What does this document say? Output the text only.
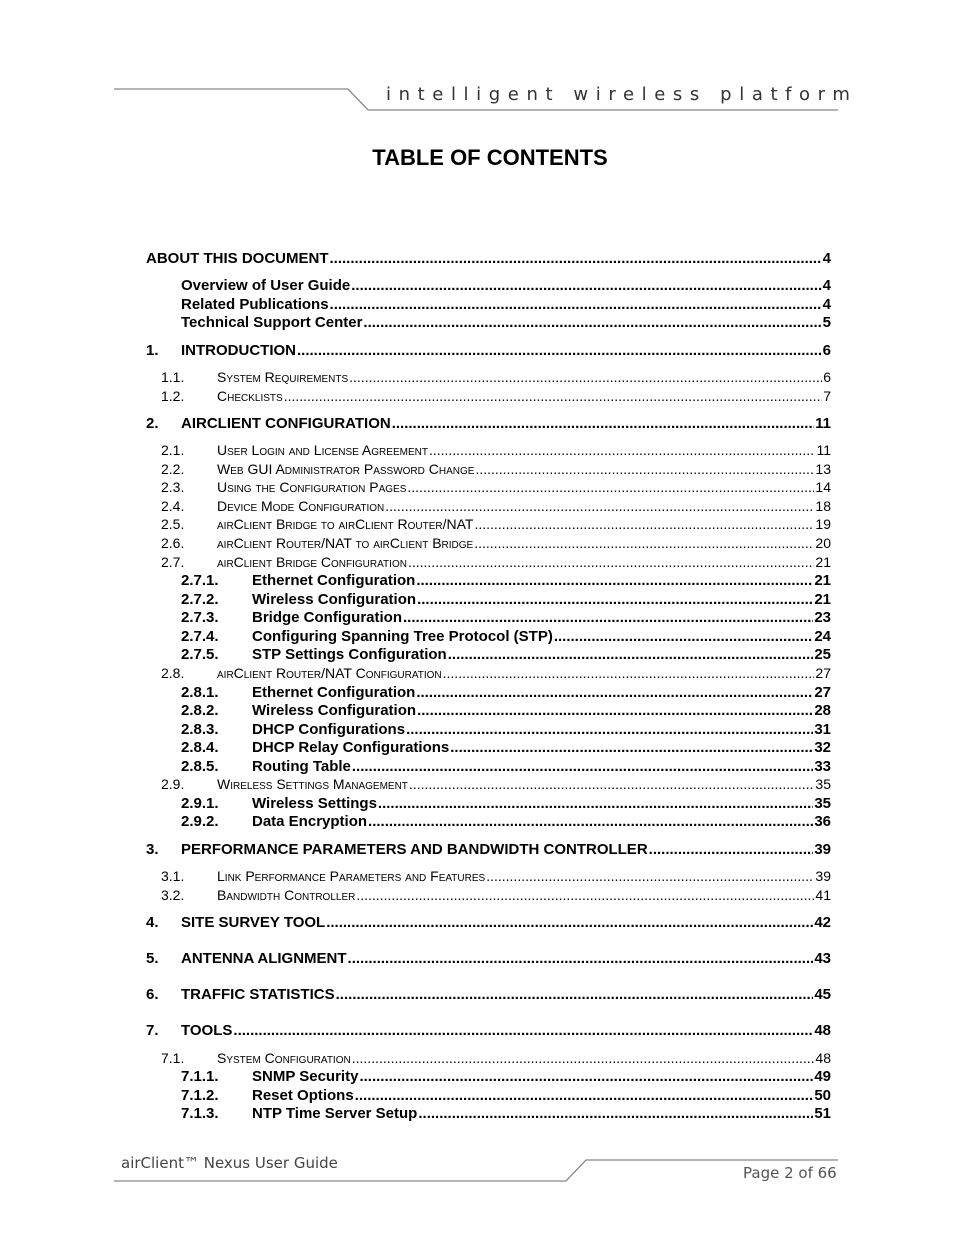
intelligent wireless platform
TABLE OF CONTENTS
ABOUT THIS DOCUMENT .....	4
Overview of User Guide .....	4
Related Publications .....	4
Technical Support Center .....	5
1. INTRODUCTION .....	6
1.1. System Requirements .....	6
1.2. Checklists .....	7
2. AIRCLIENT CONFIGURATION .....	11
2.1. User Login and License Agreement .....	11
2.2. Web GUI Administrator Password Change .....	13
2.3. Using the Configuration Pages .....	14
2.4. Device Mode Configuration .....	18
2.5. airClient Bridge to airClient Router/NAT .....	19
2.6. airClient Router/NAT to airClient Bridge .....	20
2.7. airClient Bridge Configuration .....	21
2.7.1. Ethernet Configuration .....	21
2.7.2. Wireless Configuration .....	21
2.7.3. Bridge Configuration .....	23
2.7.4. Configuring Spanning Tree Protocol (STP) .....	24
2.7.5. STP Settings Configuration .....	25
2.8. airClient Router/NAT Configuration .....	27
2.8.1. Ethernet Configuration .....	27
2.8.2. Wireless Configuration .....	28
2.8.3. DHCP Configurations .....	31
2.8.4. DHCP Relay Configurations .....	32
2.8.5. Routing Table .....	33
2.9. Wireless Settings Management .....	35
2.9.1. Wireless Settings .....	35
2.9.2. Data Encryption .....	36
3. PERFORMANCE PARAMETERS AND BANDWIDTH CONTROLLER .....	39
3.1. Link Performance Parameters and Features .....	39
3.2. Bandwidth Controller .....	41
4. SITE SURVEY TOOL .....	42
5. ANTENNA ALIGNMENT .....	43
6. TRAFFIC STATISTICS .....	45
7. TOOLS .....	48
7.1. System Configuration .....	48
7.1.1. SNMP Security .....	49
7.1.2. Reset Options .....	50
7.1.3. NTP Time Server Setup .....	51
airClient™ Nexus User Guide
Page 2 of 66
